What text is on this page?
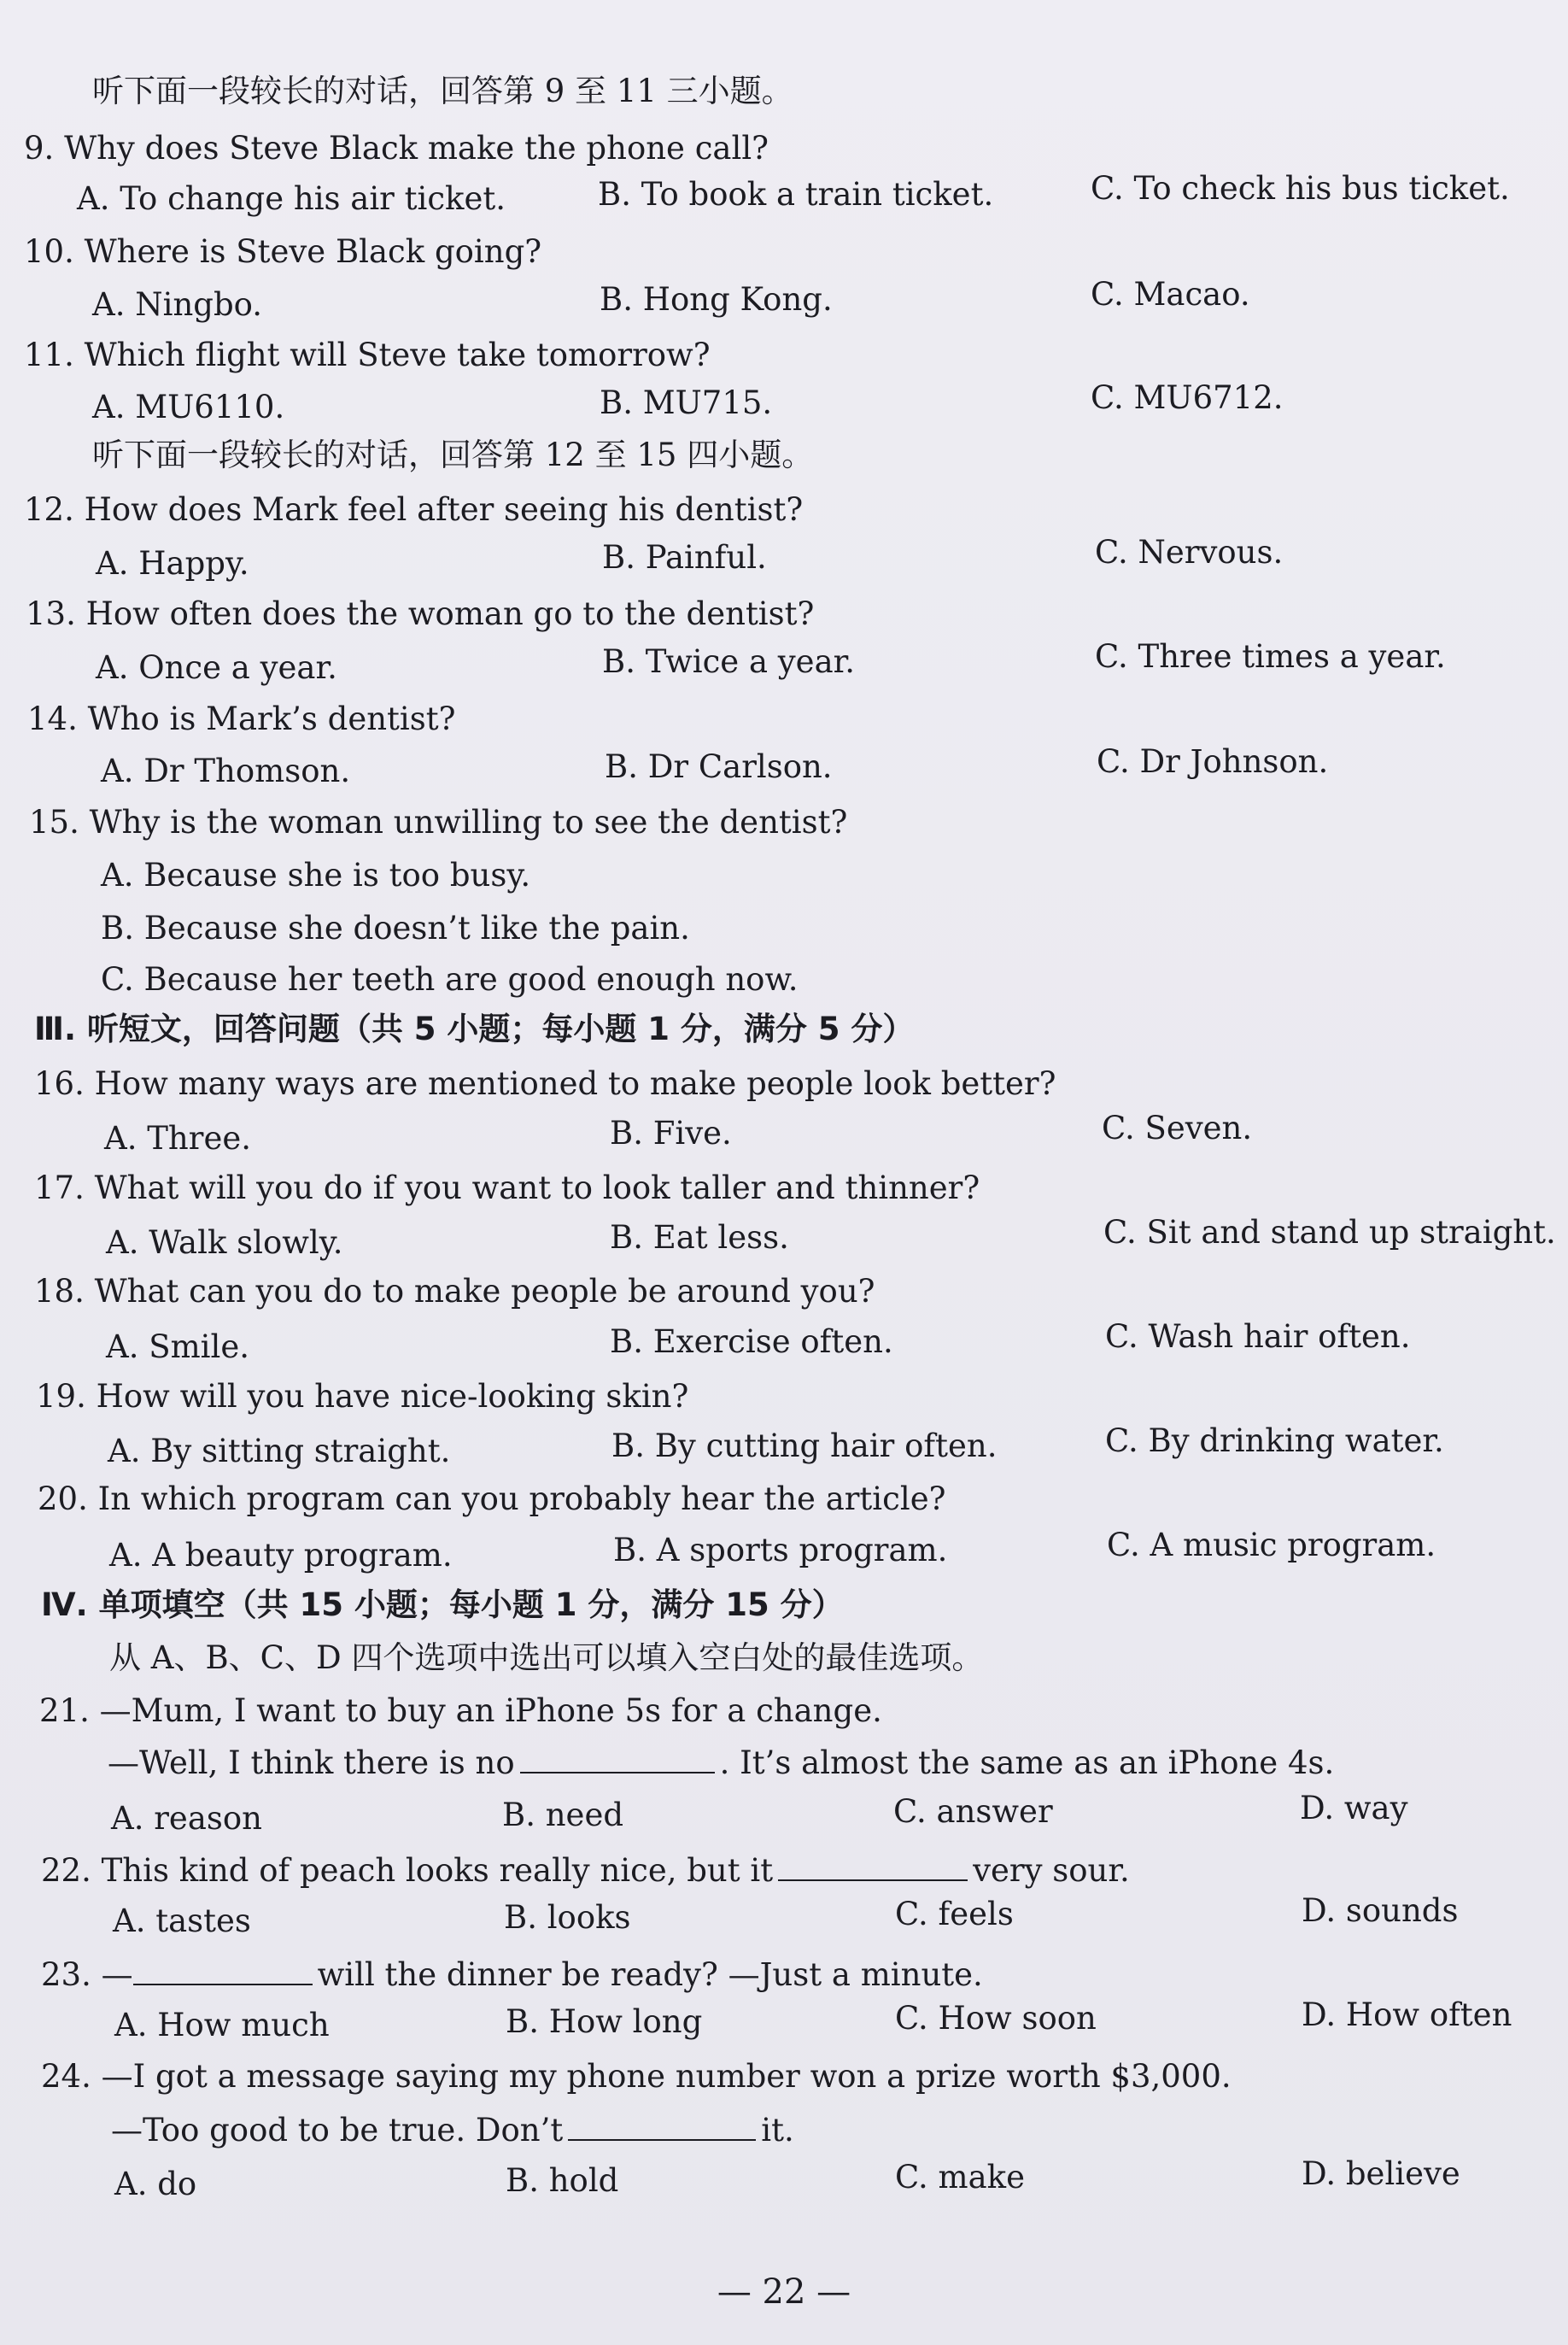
听下面一段较长的对话，回答第 9 至 11 三小题。
9. Why does Steve Black make the phone call?
A. To change his air ticket.	B. To book a train ticket.	C. To check his bus ticket.
10. Where is Steve Black going?
A. Ningbo.	B. Hong Kong.	C. Macao.
11. Which flight will Steve take tomorrow?
A. MU6110.	B. MU715.	C. MU6712.
听下面一段较长的对话，回答第 12 至 15 四小题。
12. How does Mark feel after seeing his dentist?
A. Happy.	B. Painful.	C. Nervous.
13. How often does the woman go to the dentist?
A. Once a year.	B. Twice a year.	C. Three times a year.
14. Who is Mark’s dentist?
A. Dr Thomson.	B. Dr Carlson.	C. Dr Johnson.
15. Why is the woman unwilling to see the dentist?
A. Because she is too busy.
B. Because she doesn’t like the pain.
C. Because her teeth are good enough now.
Ⅲ. 听短文，回答问题（共 5 小题；每小题 1 分，满分 5 分）
16. How many ways are mentioned to make people look better?
A. Three.	B. Five.	C. Seven.
17. What will you do if you want to look taller and thinner?
A. Walk slowly.	B. Eat less.	C. Sit and stand up straight.
18. What can you do to make people be around you?
A. Smile.	B. Exercise often.	C. Wash hair often.
19. How will you have nice-looking skin?
A. By sitting straight.	B. By cutting hair often.	C. By drinking water.
20. In which program can you probably hear the article?
A. A beauty program.	B. A sports program.	C. A music program.
Ⅳ. 单项填空（共 15 小题；每小题 1 分，满分 15 分）
从 A、B、C、D 四个选项中选出可以填入空白处的最佳选项。
21. —Mum, I want to buy an iPhone 5s for a change.
—Well, I think there is no	. It’s almost the same as an iPhone 4s.
A. reason	B. need	C. answer	D. way
22. This kind of peach looks really nice, but it	very sour.
A. tastes	B. looks	C. feels	D. sounds
23. —	will the dinner be ready? —Just a minute.
A. How much	B. How long	C. How soon	D. How often
24. —I got a message saying my phone number won a prize worth $3,000.
—Too good to be true. Don’t	it.
A. do	B. hold	C. make	D. believe
— 22 —
